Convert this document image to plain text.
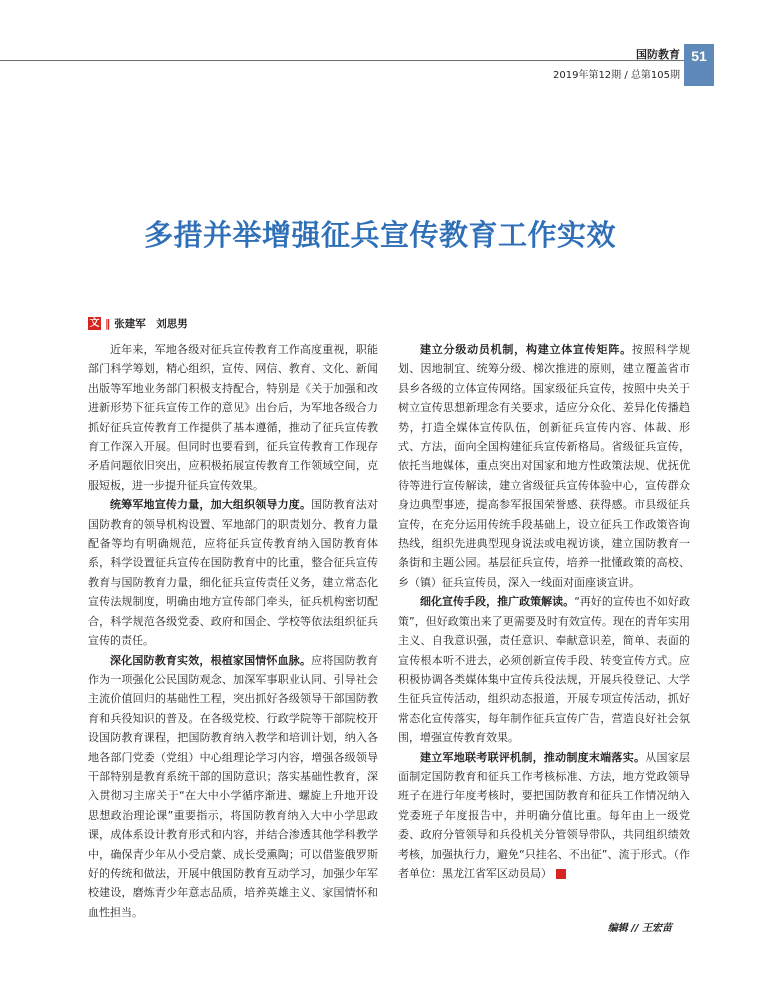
国防教育
2019年第12期 / 总第105期
51
多措并举增强征兵宣传教育工作实效
文 ‖ 张建军　刘思男

近年来，军地各级对征兵宣传教育工作高度重视，职能部门科学筹划，精心组织，宣传、网信、教育、文化、新闻出版等军地业务部门积极支持配合，特别是《关于加强和改进新形势下征兵宣传工作的意见》出台后，为军地各级合力抓好征兵宣传教育工作提供了基本遵循，推动了征兵宣传教育工作深入开展。但同时也要看到，征兵宣传教育工作现存矛盾问题依旧突出，应积极拓展宣传教育工作领域空间，克服短板，进一步提升征兵宣传效果。

统筹军地宣传力量，加大组织领导力度。国防教育法对国防教育的领导机构设置、军地部门的职责划分、教育力量配备等均有明确规范，应将征兵宣传教育纳入国防教育体系，科学设置征兵宣传在国防教育中的比重，整合征兵宣传教育与国防教育力量，细化征兵宣传责任义务，建立常态化宣传法规制度，明确由地方宣传部门牵头，征兵机构密切配合，科学规范各级党委、政府和国企、学校等依法组织征兵宣传的责任。

深化国防教育实效，根植家国情怀血脉。应将国防教育作为一项强化公民国防观念、加深军事职业认同、引导社会主流价值回归的基础性工程，突出抓好各级领导干部国防教育和兵役知识的普及。在各级党校、行政学院等干部院校开设国防教育课程，把国防教育纳入教学和培训计划，纳入各地各部门党委（党组）中心组理论学习内容，增强各级领导干部特别是教育系统干部的国防意识；落实基础性教育，深入贯彻习主席关于“在大中小学循序渐进、螺旋上升地开设思想政治理论课”重要指示，将国防教育纳入大中小学思政课，成体系设计教育形式和内容，并结合渗透其他学科教学中，确保青少年从小受启蒙、成长受熏陶；可以借鉴俄罗斯好的传统和做法，开展中俄国防教育互动学习，加强少年军校建设，磨炼青少年意志品质，培养英雄主义、家国情怀和血性担当。

建立分级动员机制，构建立体宣传矩阵。按照科学规划、因地制宜、统筹分级、梯次推进的原则，建立覆盖省市县乡各级的立体宣传网络。国家级征兵宣传，按照中央关于树立宣传思想新理念有关要求，适应分众化、差异化传播趋势，打造全媒体宣传队伍，创新征兵宣传内容、体裁、形式、方法，面向全国构建征兵宣传新格局。省级征兵宣传，依托当地媒体，重点突出对国家和地方性政策法规、优抚优待等进行宣传解读，建立省级征兵宣传体验中心，宣传群众身边典型事迹，提高参军报国荣誉感、获得感。市县级征兵宣传，在充分运用传统手段基础上，设立征兵工作政策咨询热线，组织先进典型现身说法或电视访谈，建立国防教育一条街和主题公园。基层征兵宣传，培养一批懂政策的高校、乡（镇）征兵宣传员，深入一线面对面座谈宣讲。

细化宣传手段，推广政策解读。“再好的宣传也不如好政策”，但好政策出来了更需要及时有效宣传。现在的青年实用主义、自我意识强，责任意识、奉献意识差，简单、表面的宣传根本听不进去，必须创新宣传手段、转变宣传方式。应积极协调各类媒体集中宣传兵役法规，开展兵役登记、大学生征兵宣传活动，组织动态报道，开展专项宣传活动，抓好常态化宣传落实，每年制作征兵宣传广告，营造良好社会氛围，增强宣传教育效果。

建立军地联考联评机制，推动制度末端落实。从国家层面制定国防教育和征兵工作考核标准、方法，地方党政领导班子在进行年度考核时，要把国防教育和征兵工作情况纳入党委班子年度报告中，并明确分值比重。每年由上一级党委、政府分管领导和兵役机关分管领导带队，共同组织绩效考核，加强执行力，避免“只挂名、不出征”、流于形式。（作者单位：黑龙江省军区动员局）	G

编辑 // 王宏苗
